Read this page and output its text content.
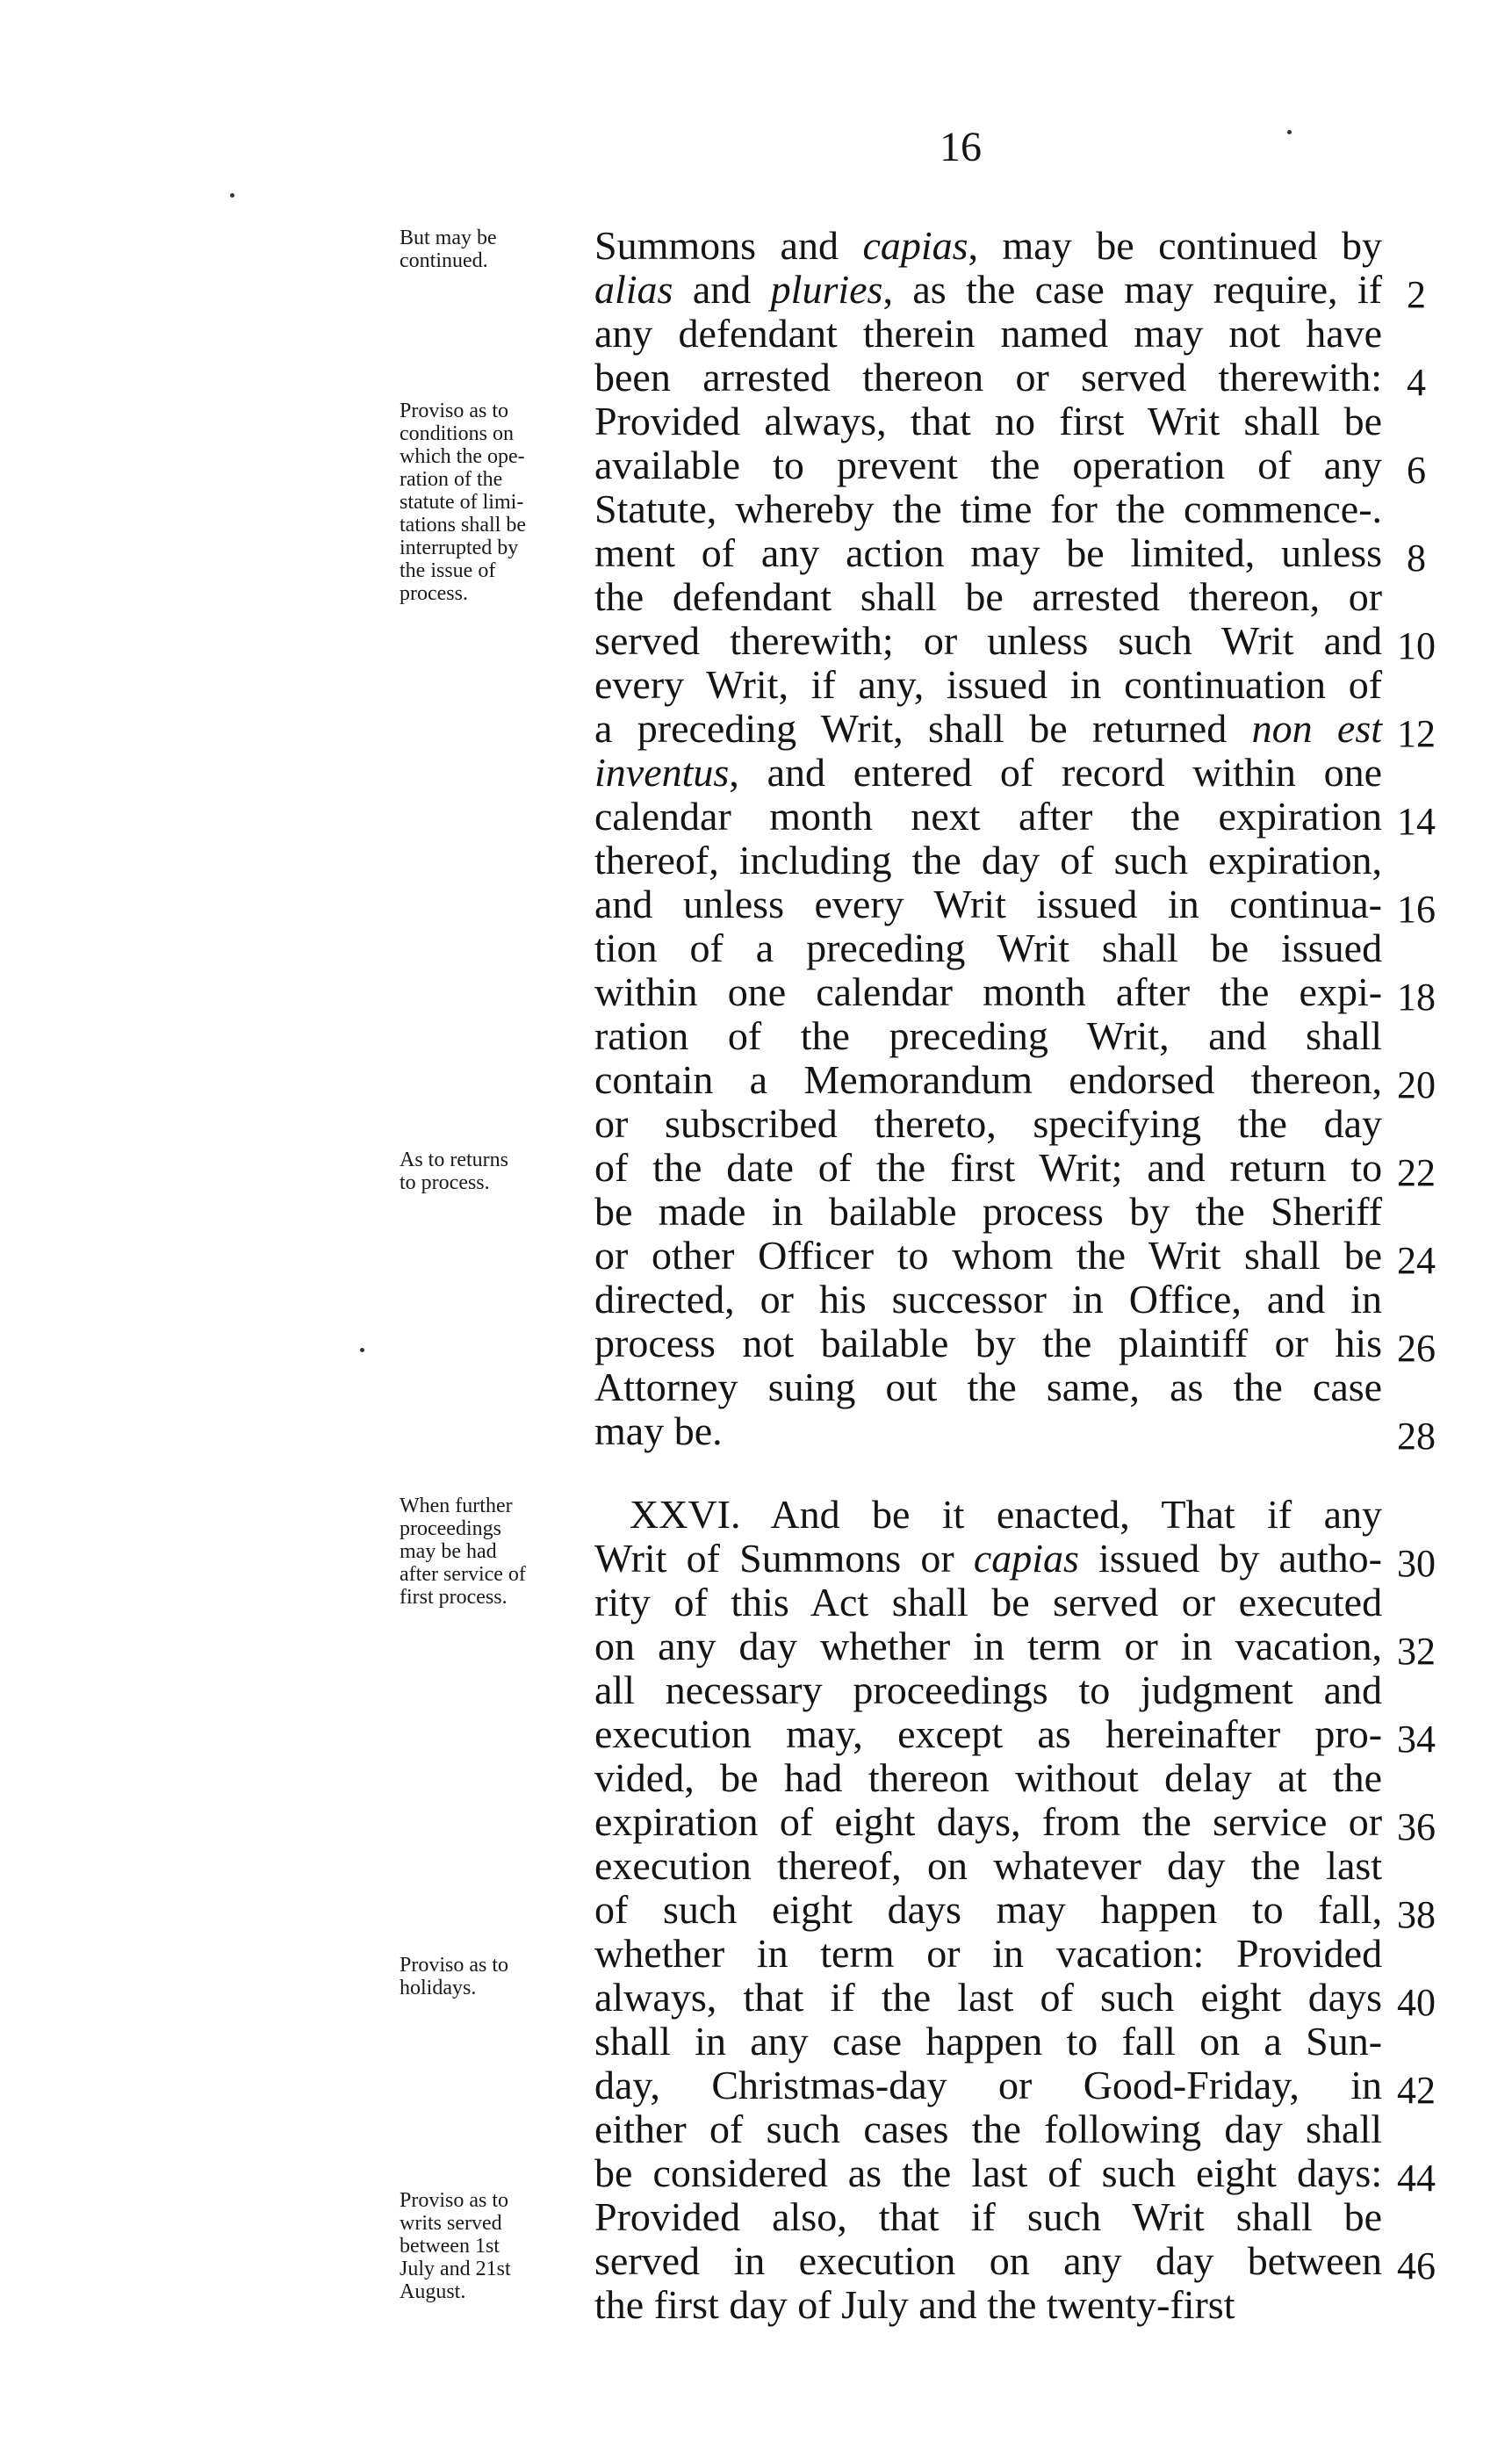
16
Summons and capias, may be continued by
alias and pluries, as the case may require, if
any defendant therein named may not have
been arrested thereon or served therewith:
Provided always, that no first Writ shall be
available to prevent the operation of any
Statute, whereby the time for the commence-.
ment of any action may be limited, unless
the defendant shall be arrested thereon, or
served therewith; or unless such Writ and
every Writ, if any, issued in continuation of
a preceding Writ, shall be returned non est
inventus, and entered of record within one
calendar month next after the expiration
thereof, including the day of such expiration,
and unless every Writ issued in continua-
tion of a preceding Writ shall be issued
within one calendar month after the expi-
ration of the preceding Writ, and shall
contain a Memorandum endorsed thereon,
or subscribed thereto, specifying the day
of the date of the first Writ; and return to
be made in bailable process by the Sheriff
or other Officer to whom the Writ shall be
directed, or his successor in Office, and in
process not bailable by the plaintiff or his
Attorney suing out the same, as the case
may be.
XXVI. And be it enacted, That if any
Writ of Summons or capias issued by autho-
rity of this Act shall be served or executed
on any day whether in term or in vacation,
all necessary proceedings to judgment and
execution may, except as hereinafter pro-
vided, be had thereon without delay at the
expiration of eight days, from the service or
execution thereof, on whatever day the last
of such eight days may happen to fall,
whether in term or in vacation: Provided
always, that if the last of such eight days
shall in any case happen to fall on a Sun-
day, Christmas-day or Good-Friday, in
either of such cases the following day shall
be considered as the last of such eight days:
Provided also, that if such Writ shall be
served in execution on any day between
the first day of July and the twenty-first
2
4
6
8
10
12
14
16
18
20
22
24
26
28
30
32
34
36
38
40
42
44
46
But may be
continued.
Proviso as to
conditions on
which the ope-
ration of the
statute of limi-
tations shall be
interrupted by
the issue of
process.
As to returns
to process.
When further
proceedings
may be had
after service of
first process.
Proviso as to
holidays.
Proviso as to
writs served
between 1st
July and 21st
August.
